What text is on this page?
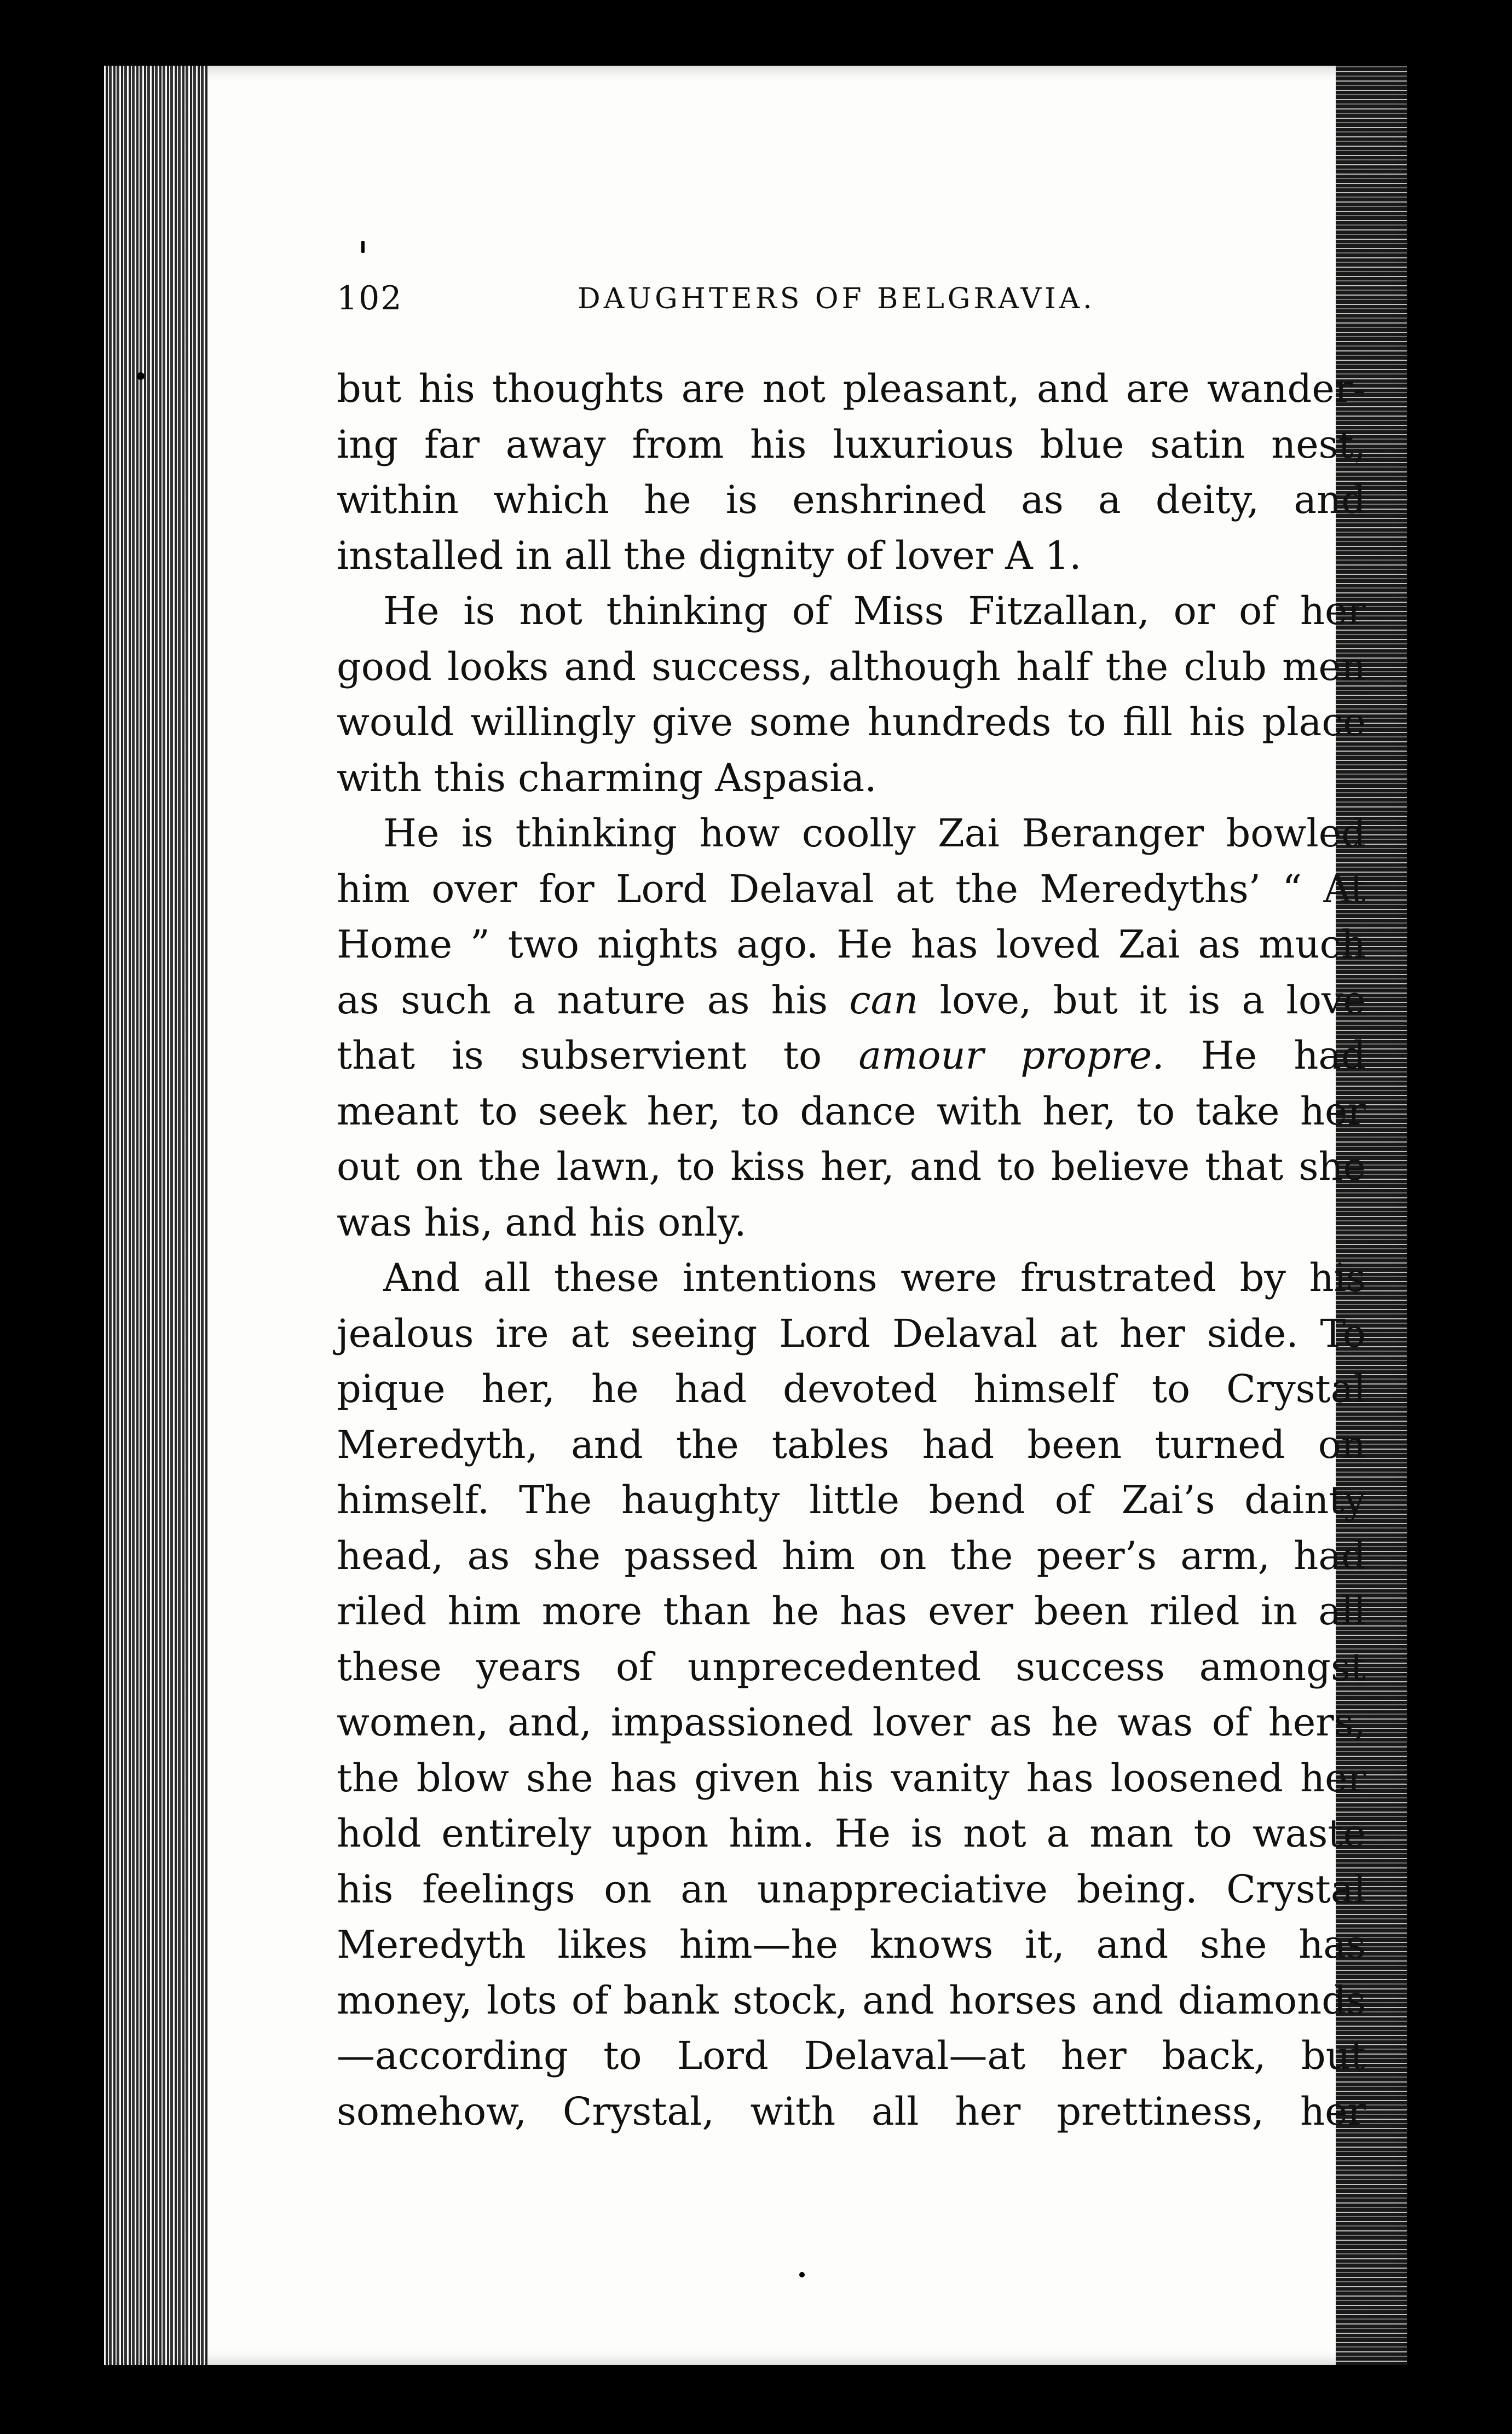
102	DAUGHTERS OF BELGRAVIA.
but his thoughts are not pleasant, and are wander-
ing far away from his luxurious blue satin nest,
within which he is enshrined as a deity, and
installed in all the dignity of lover A 1.
He is not thinking of Miss Fitzallan, or of her
good looks and success, although half the club men
would willingly give some hundreds to fill his place
with this charming Aspasia.
He is thinking how coolly Zai Beranger bowled
him over for Lord Delaval at the Meredyths’ “ At
Home ” two nights ago. He has loved Zai as much
as such a nature as his can love, but it is a love
that is subservient to amour propre. He had
meant to seek her, to dance with her, to take her
out on the lawn, to kiss her, and to believe that she
was his, and his only.
And all these intentions were frustrated by his
jealous ire at seeing Lord Delaval at her side. To
pique her, he had devoted himself to Crystal
Meredyth, and the tables had been turned on
himself. The haughty little bend of Zai’s dainty
head, as she passed him on the peer’s arm, had
riled him more than he has ever been riled in all
these years of unprecedented success amongst
women, and, impassioned lover as he was of hers,
the blow she has given his vanity has loosened her
hold entirely upon him. He is not a man to waste
his feelings on an unappreciative being. Crystal
Meredyth likes him—he knows it, and she has
money, lots of bank stock, and horses and diamonds
—according to Lord Delaval—at her back, but
somehow, Crystal, with all her prettiness, her
